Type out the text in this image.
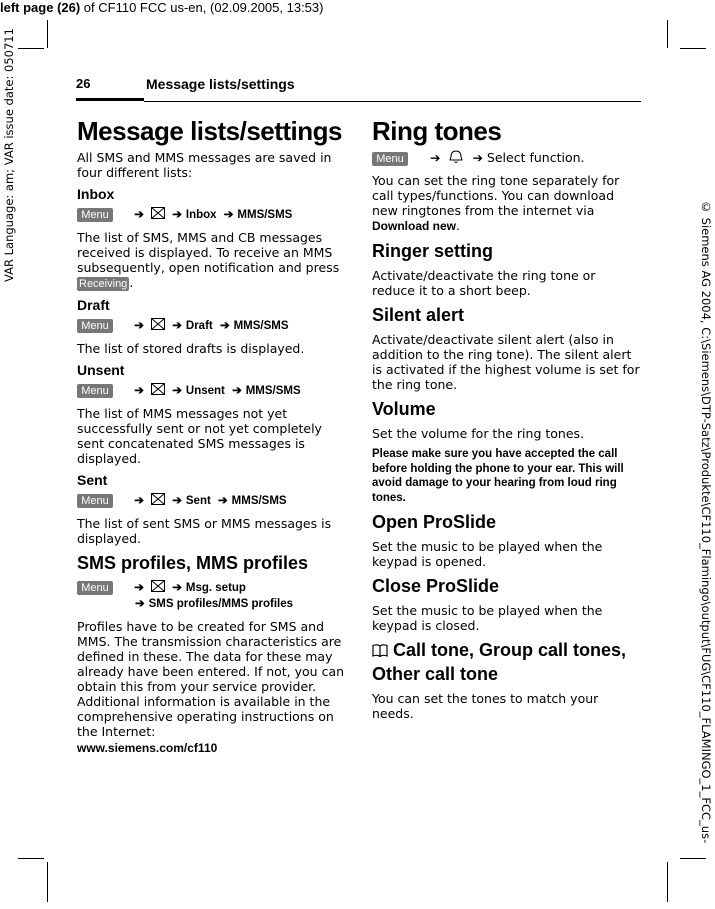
left page (26) of CF110 FCC us-en, (02.09.2005, 13:53)
VAR Language: am; VAR issue date: 050711
© Siemens AG 2004, C:\Siemens\DTP-Satz\Produkte\CF110_Flamingo\output\FUG\CF110_FLAMINGO_1_FCC_us-
26	Message lists/settings
Message lists/settings

All SMS and MMS messages are saved in four different lists:

Inbox
Menu ➔ ➔ Inbox ➔ MMS/SMS

The list of SMS, MMS and CB messages received is displayed. To receive an MMS subsequently, open notification and press Receiving .

Draft
Menu ➔ ➔ Draft ➔ MMS/SMS

The list of stored drafts is displayed.

Unsent
Menu ➔ ➔ Unsent ➔ MMS/SMS

The list of MMS messages not yet successfully sent or not yet completely sent concatenated SMS messages is displayed.

Sent
Menu ➔ ➔ Sent ➔ MMS/SMS

The list of sent SMS or MMS messages is displayed.

SMS profiles, MMS profiles
Menu ➔ ➔ Msg. setup
➔ SMS profiles/MMS profiles

Profiles have to be created for SMS and MMS. The transmission characteristics are defined in these. The data for these may already have been entered. If not, you can obtain this from your service provider. Additional information is available in the comprehensive operating instructions on the Internet:

www.siemens.com/cf110
Ring tones
Menu ➔	➔ Select function.

You can set the ring tone separately for call types/functions. You can download new ringtones from the internet via Download new.

Ringer setting

Activate/deactivate the ring tone or reduce it to a short beep.

Silent alert

Activate/deactivate silent alert (also in addition to the ring tone). The silent alert is activated if the highest volume is set for the ring tone.

Volume

Set the volume for the ring tones.

Please make sure you have accepted the call before holding the phone to your ear. This will avoid damage to your hearing from loud ring tones.
Open ProSlide

Set the music to be played when the keypad is opened.

Close ProSlide

Set the music to be played when the keypad is closed.

Call tone, Group call tones,
Other call tone

You can set the tones to match your needs.
